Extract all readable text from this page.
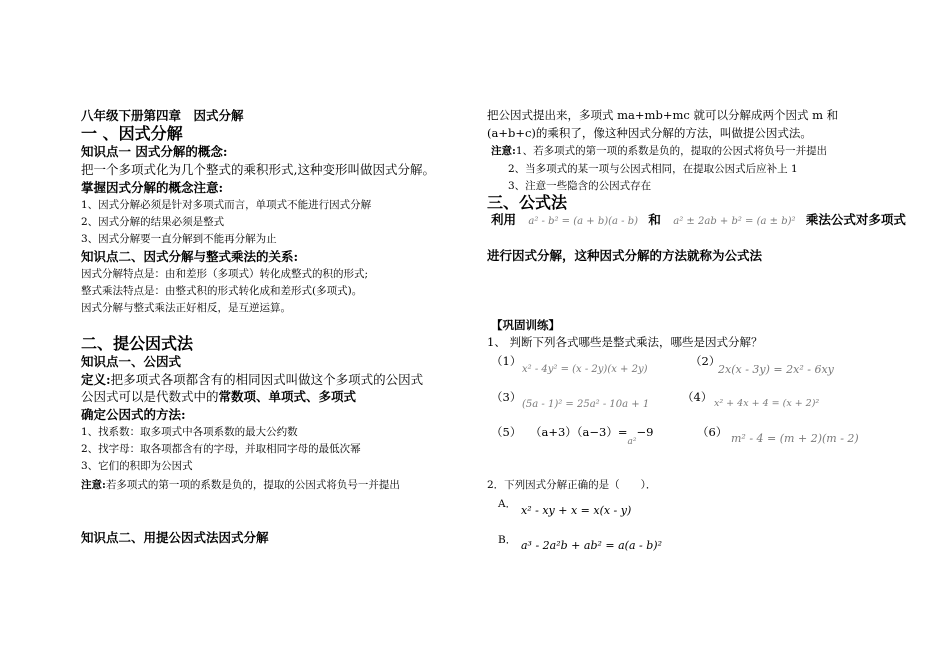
八年级下册第四章　因式分解
一 、因式分解
知识点一 因式分解的概念:
把一个多项式化为几个整式的乘积形式,这种变形叫做因式分解。
掌握因式分解的概念注意:
1、因式分解必须是针对多项式而言，单项式不能进行因式分解
2、因式分解的结果必须是整式
3、因式分解要一直分解到不能再分解为止
知识点二、因式分解与整式乘法的关系:
因式分解特点是：由和差形（多项式）转化成整式的积的形式;
整式乘法特点是：由整式积的形式转化成和差形式(多项式)。
因式分解与整式乘法正好相反，是互逆运算。
二、提公因式法
知识点一、公因式
定义:把多项式各项都含有的相同因式叫做这个多项式的公因式
公因式可以是代数式中的常数项、单项式、多项式
确定公因式的方法:
1、找系数：取多项式中各项系数的最大公约数
2、找字母：取各项都含有的字母，并取相同字母的最低次幂
3、它们的积即为公因式
注意:若多项式的第一项的系数是负的，提取的公因式将负号一并提出
知识点二、用提公因式法因式分解
把公因式提出来，多项式 ma+mb+mc 就可以分解成两个因式 m 和
(a+b+c)的乘积了，像这种因式分解的方法，叫做提公因式法。
注意:1、若多项式的第一项的系数是负的，提取的公因式将负号一并提出
2、当多项式的某一项与公因式相同，在提取公因式后应补上 1
3、注意一些隐含的公因式存在
三、公式法
利用 a² - b² = (a + b)(a - b) 和 a² ± 2ab + b² = (a ± b)² 乘法公式对多项式
进行因式分解，这种因式分解的方法就称为公式法
【巩固训练】
1、 判断下列各式哪些是整式乘法，哪些是因式分解？
（1）
x² - 4y² = (x - 2y)(x + 2y)
（2）
2x(x - 3y) = 2x² - 6xy
（3）
(5a - 1)² = 25a² - 10a + 1
（4） x² + 4x + 4 = (x + 2)²
（5） $(a+3)(a-3)=_{a^2}-9$	（6） m² - 4 = (m + 2)(m - 2)
2．下列因式分解正确的是（　　）．
A． x² - xy + x = x(x - y)
B． a³ - 2a²b + ab² = a(a - b)²
